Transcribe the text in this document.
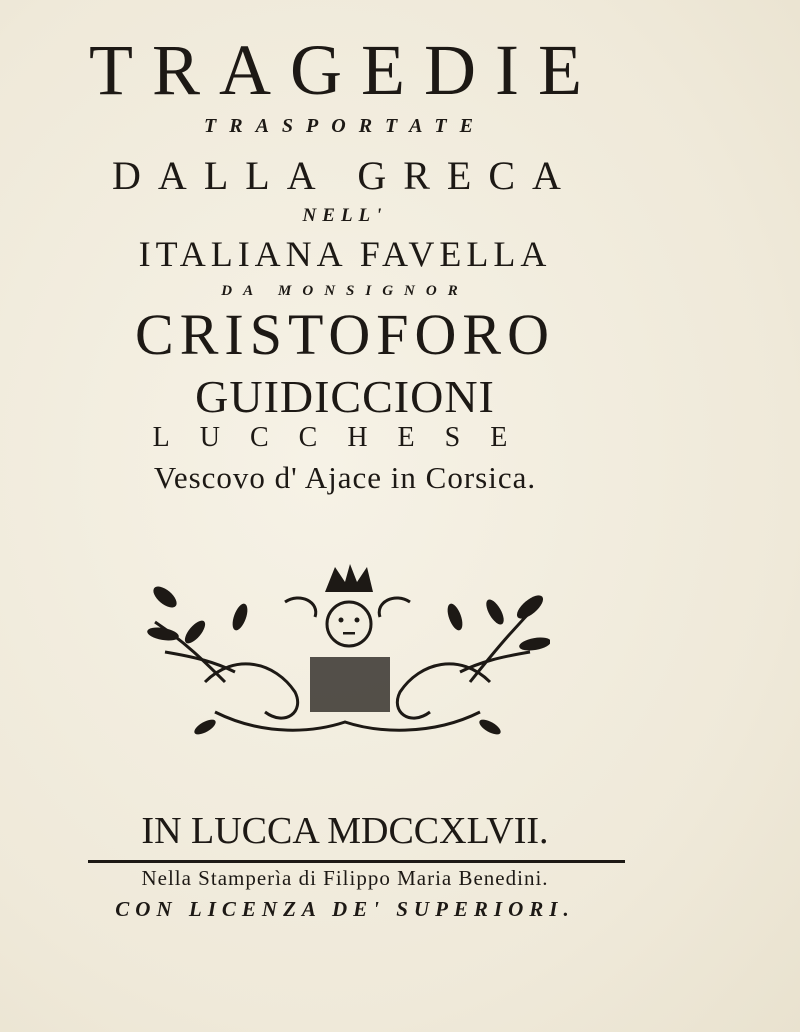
TRAGEDIE
TRASPORTATE
DALLA GRECA
NELL'
ITALIANA FAVELLA
DA MONSIGNOR
CRISTOFORO
GUIDICCIONI
LUCCHESE
Vescovo d' Ajace in Corsica.
IN LUCCA MDCCXLVII.
Nella Stamperìa di Filippo Maria Benedini.
CON LICENZA DE' SUPERIORI.
